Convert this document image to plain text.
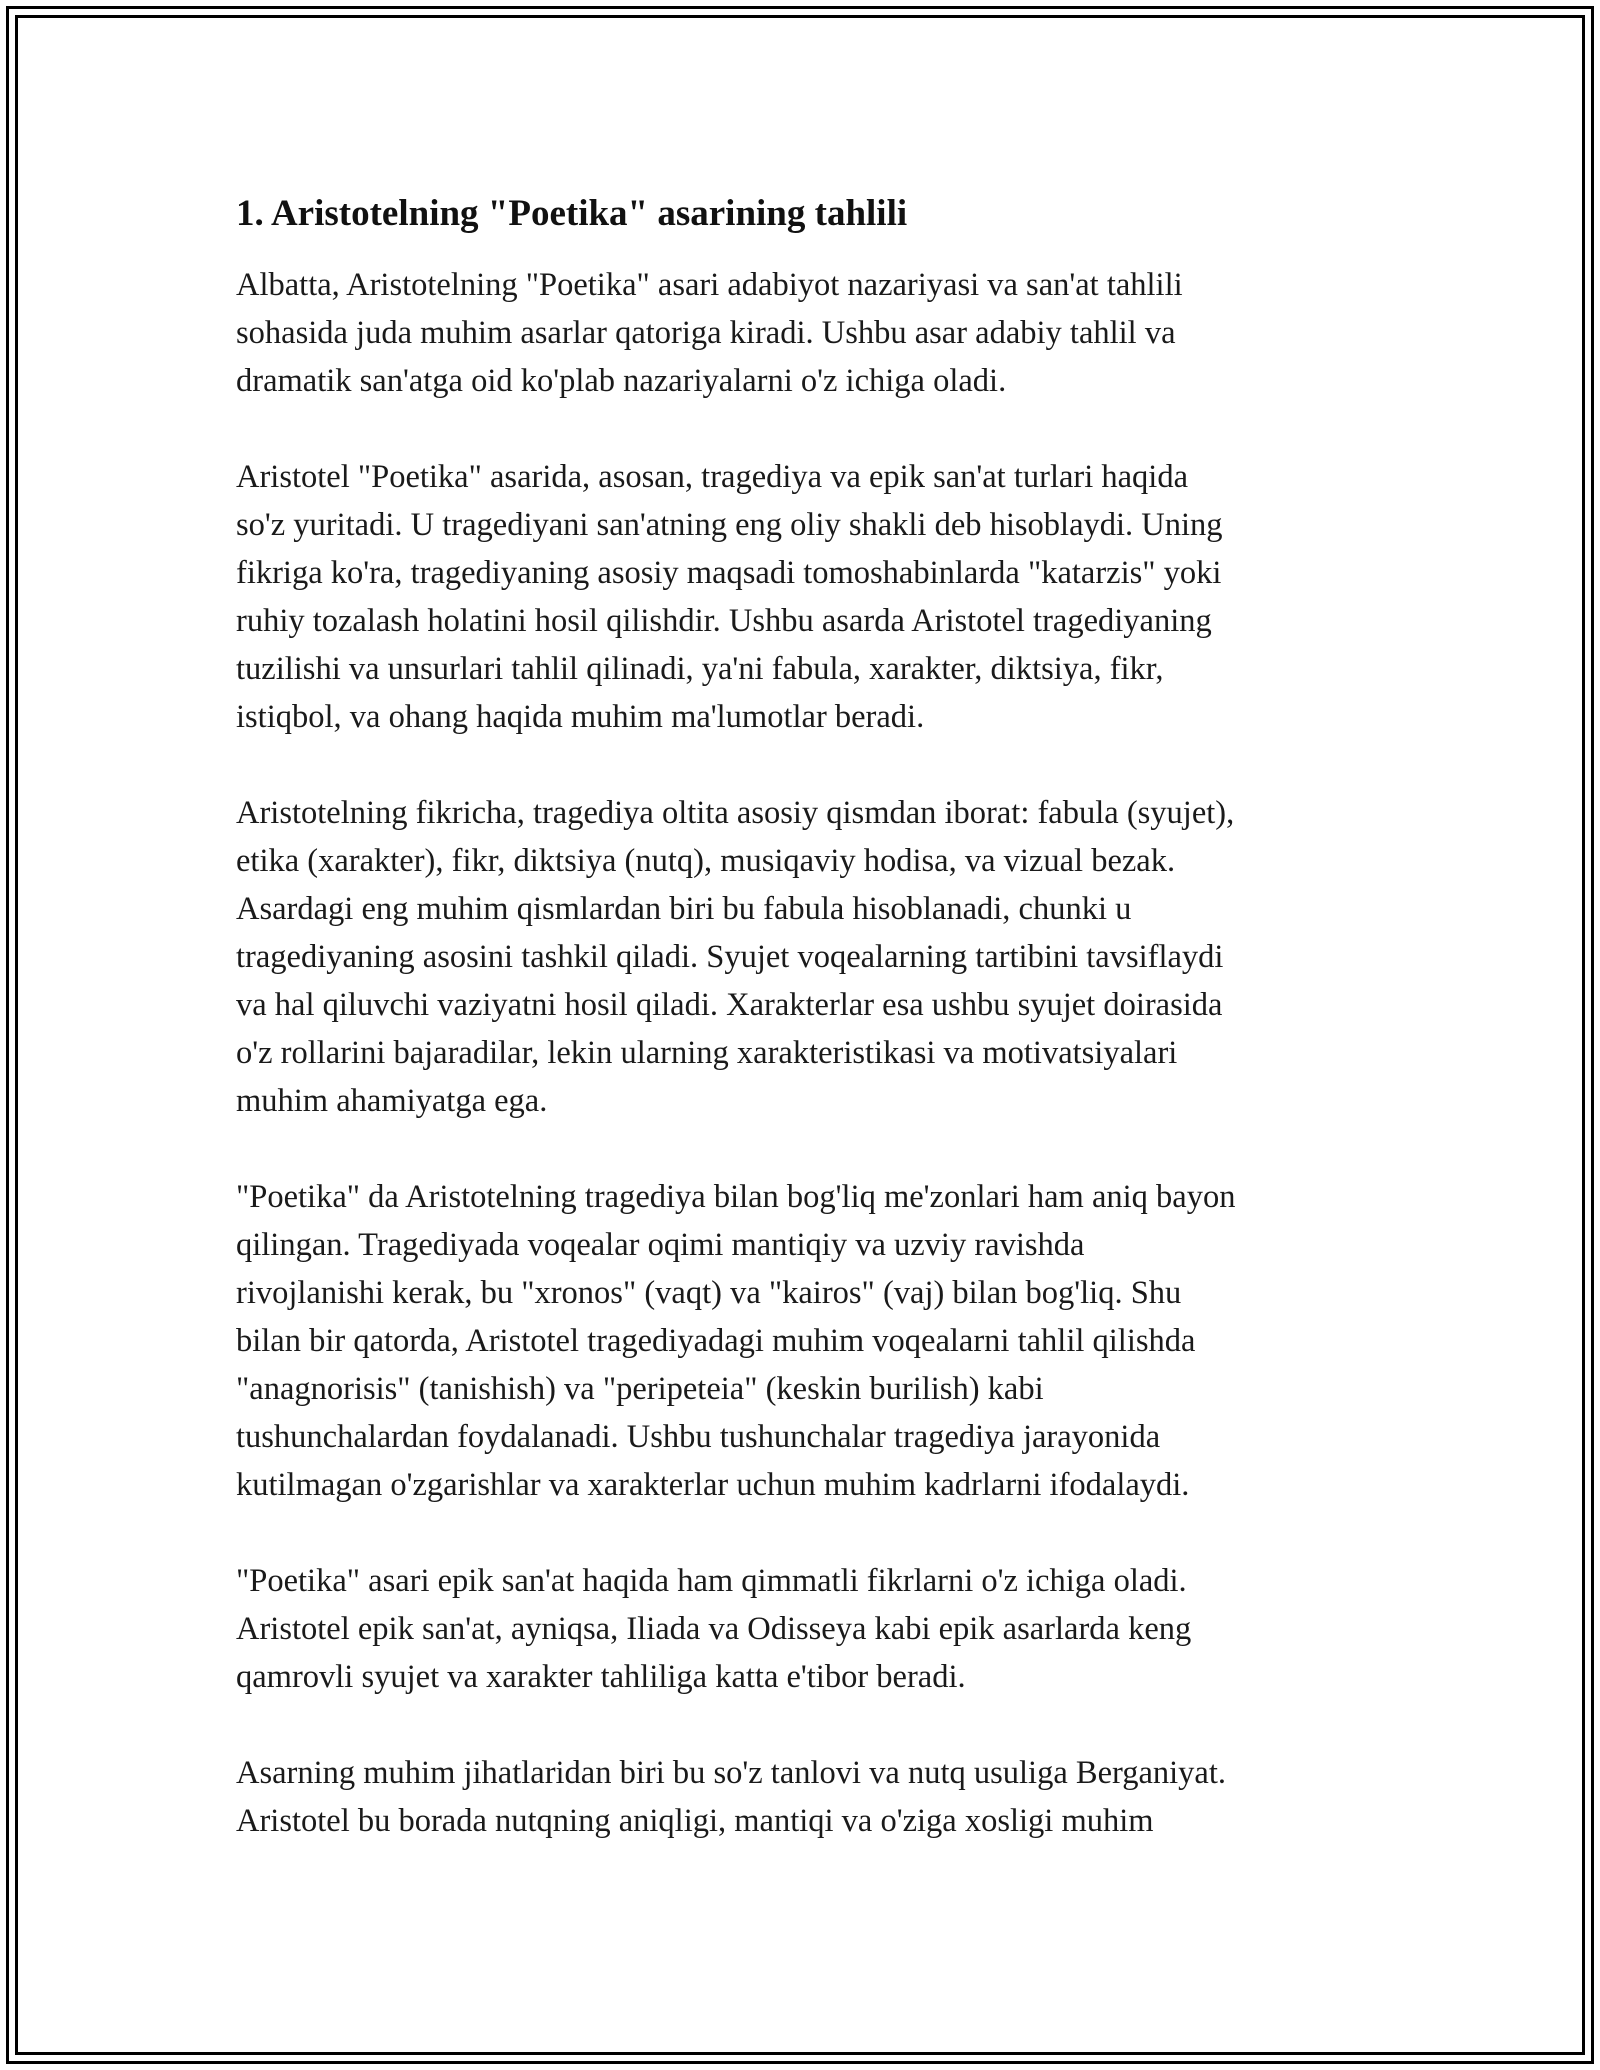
1. Aristotelning "Poetika" asarining tahlili

Albatta, Aristotelning "Poetika" asari adabiyot nazariyasi va san'at tahlili
sohasida juda muhim asarlar qatoriga kiradi. Ushbu asar adabiy tahlil va
dramatik san'atga oid ko'plab nazariyalarni o'z ichiga oladi.

Aristotel "Poetika" asarida, asosan, tragediya va epik san'at turlari haqida
so'z yuritadi. U tragediyani san'atning eng oliy shakli deb hisoblaydi. Uning
fikriga ko'ra, tragediyaning asosiy maqsadi tomoshabinlarda "katarzis" yoki
ruhiy tozalash holatini hosil qilishdir. Ushbu asarda Aristotel tragediyaning
tuzilishi va unsurlari tahlil qilinadi, ya'ni fabula, xarakter, diktsiya, fikr,
istiqbol, va ohang haqida muhim ma'lumotlar beradi.

Aristotelning fikricha, tragediya oltita asosiy qismdan iborat: fabula (syujet),
etika (xarakter), fikr, diktsiya (nutq), musiqaviy hodisa, va vizual bezak.
Asardagi eng muhim qismlardan biri bu fabula hisoblanadi, chunki u
tragediyaning asosini tashkil qiladi. Syujet voqealarning tartibini tavsiflaydi
va hal qiluvchi vaziyatni hosil qiladi. Xarakterlar esa ushbu syujet doirasida
o'z rollarini bajaradilar, lekin ularning xarakteristikasi va motivatsiyalari
muhim ahamiyatga ega.

"Poetika" da Aristotelning tragediya bilan bog'liq me'zonlari ham aniq bayon
qilingan. Tragediyada voqealar oqimi mantiqiy va uzviy ravishda
rivojlanishi kerak, bu "xronos" (vaqt) va "kairos" (vaj) bilan bog'liq. Shu
bilan bir qatorda, Aristotel tragediyadagi muhim voqealarni tahlil qilishda
"anagnorisis" (tanishish) va "peripeteia" (keskin burilish) kabi
tushunchalardan foydalanadi. Ushbu tushunchalar tragediya jarayonida
kutilmagan o'zgarishlar va xarakterlar uchun muhim kadrlarni ifodalaydi.

"Poetika" asari epik san'at haqida ham qimmatli fikrlarni o'z ichiga oladi.
Aristotel epik san'at, ayniqsa, Iliada va Odisseya kabi epik asarlarda keng
qamrovli syujet va xarakter tahliliga katta e'tibor beradi.

Asarning muhim jihatlaridan biri bu so'z tanlovi va nutq usuliga Berganiyat.
Aristotel bu borada nutqning aniqligi, mantiqi va o'ziga xosligi muhim
